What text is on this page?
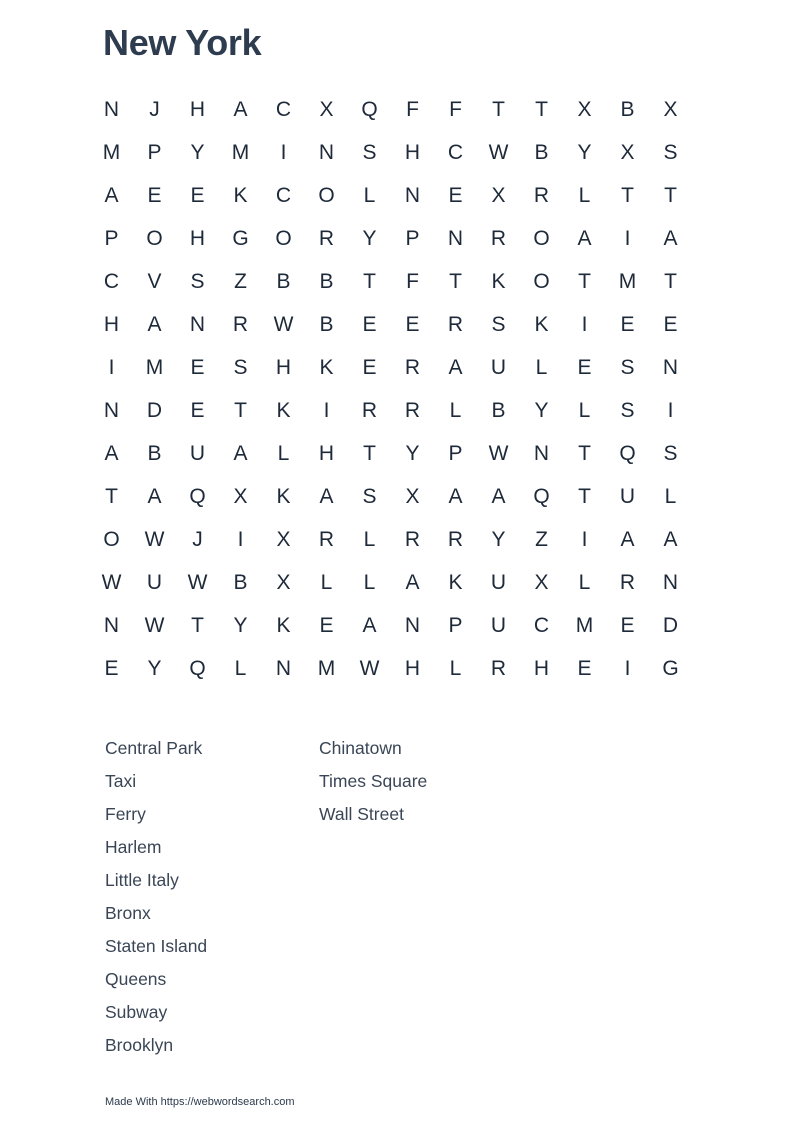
New York
N	J	H	A	C	X	Q	F	F	T	T	X	B	X
M	P	Y	M	I	N	S	H	C	W	B	Y	X	S
A	E	E	K	C	O	L	N	E	X	R	L	T	T
P	O	H	G	O	R	Y	P	N	R	O	A	I	A
C	V	S	Z	B	B	T	F	T	K	O	T	M	T
H	A	N	R	W	B	E	E	R	S	K	I	E	E
I	M	E	S	H	K	E	R	A	U	L	E	S	N
N	D	E	T	K	I	R	R	L	B	Y	L	S	I
A	B	U	A	L	H	T	Y	P	W	N	T	Q	S
T	A	Q	X	K	A	S	X	A	A	Q	T	U	L
O	W	J	I	X	R	L	R	R	Y	Z	I	A	A
W	U	W	B	X	L	L	A	K	U	X	L	R	N
N	W	T	Y	K	E	A	N	P	U	C	M	E	D
E	Y	Q	L	N	M	W	H	L	R	H	E	I	G
Central Park
Taxi
Ferry
Harlem
Little Italy
Bronx
Staten Island
Queens
Subway
Brooklyn
Chinatown
Times Square
Wall Street
Made With https://webwordsearch.com
